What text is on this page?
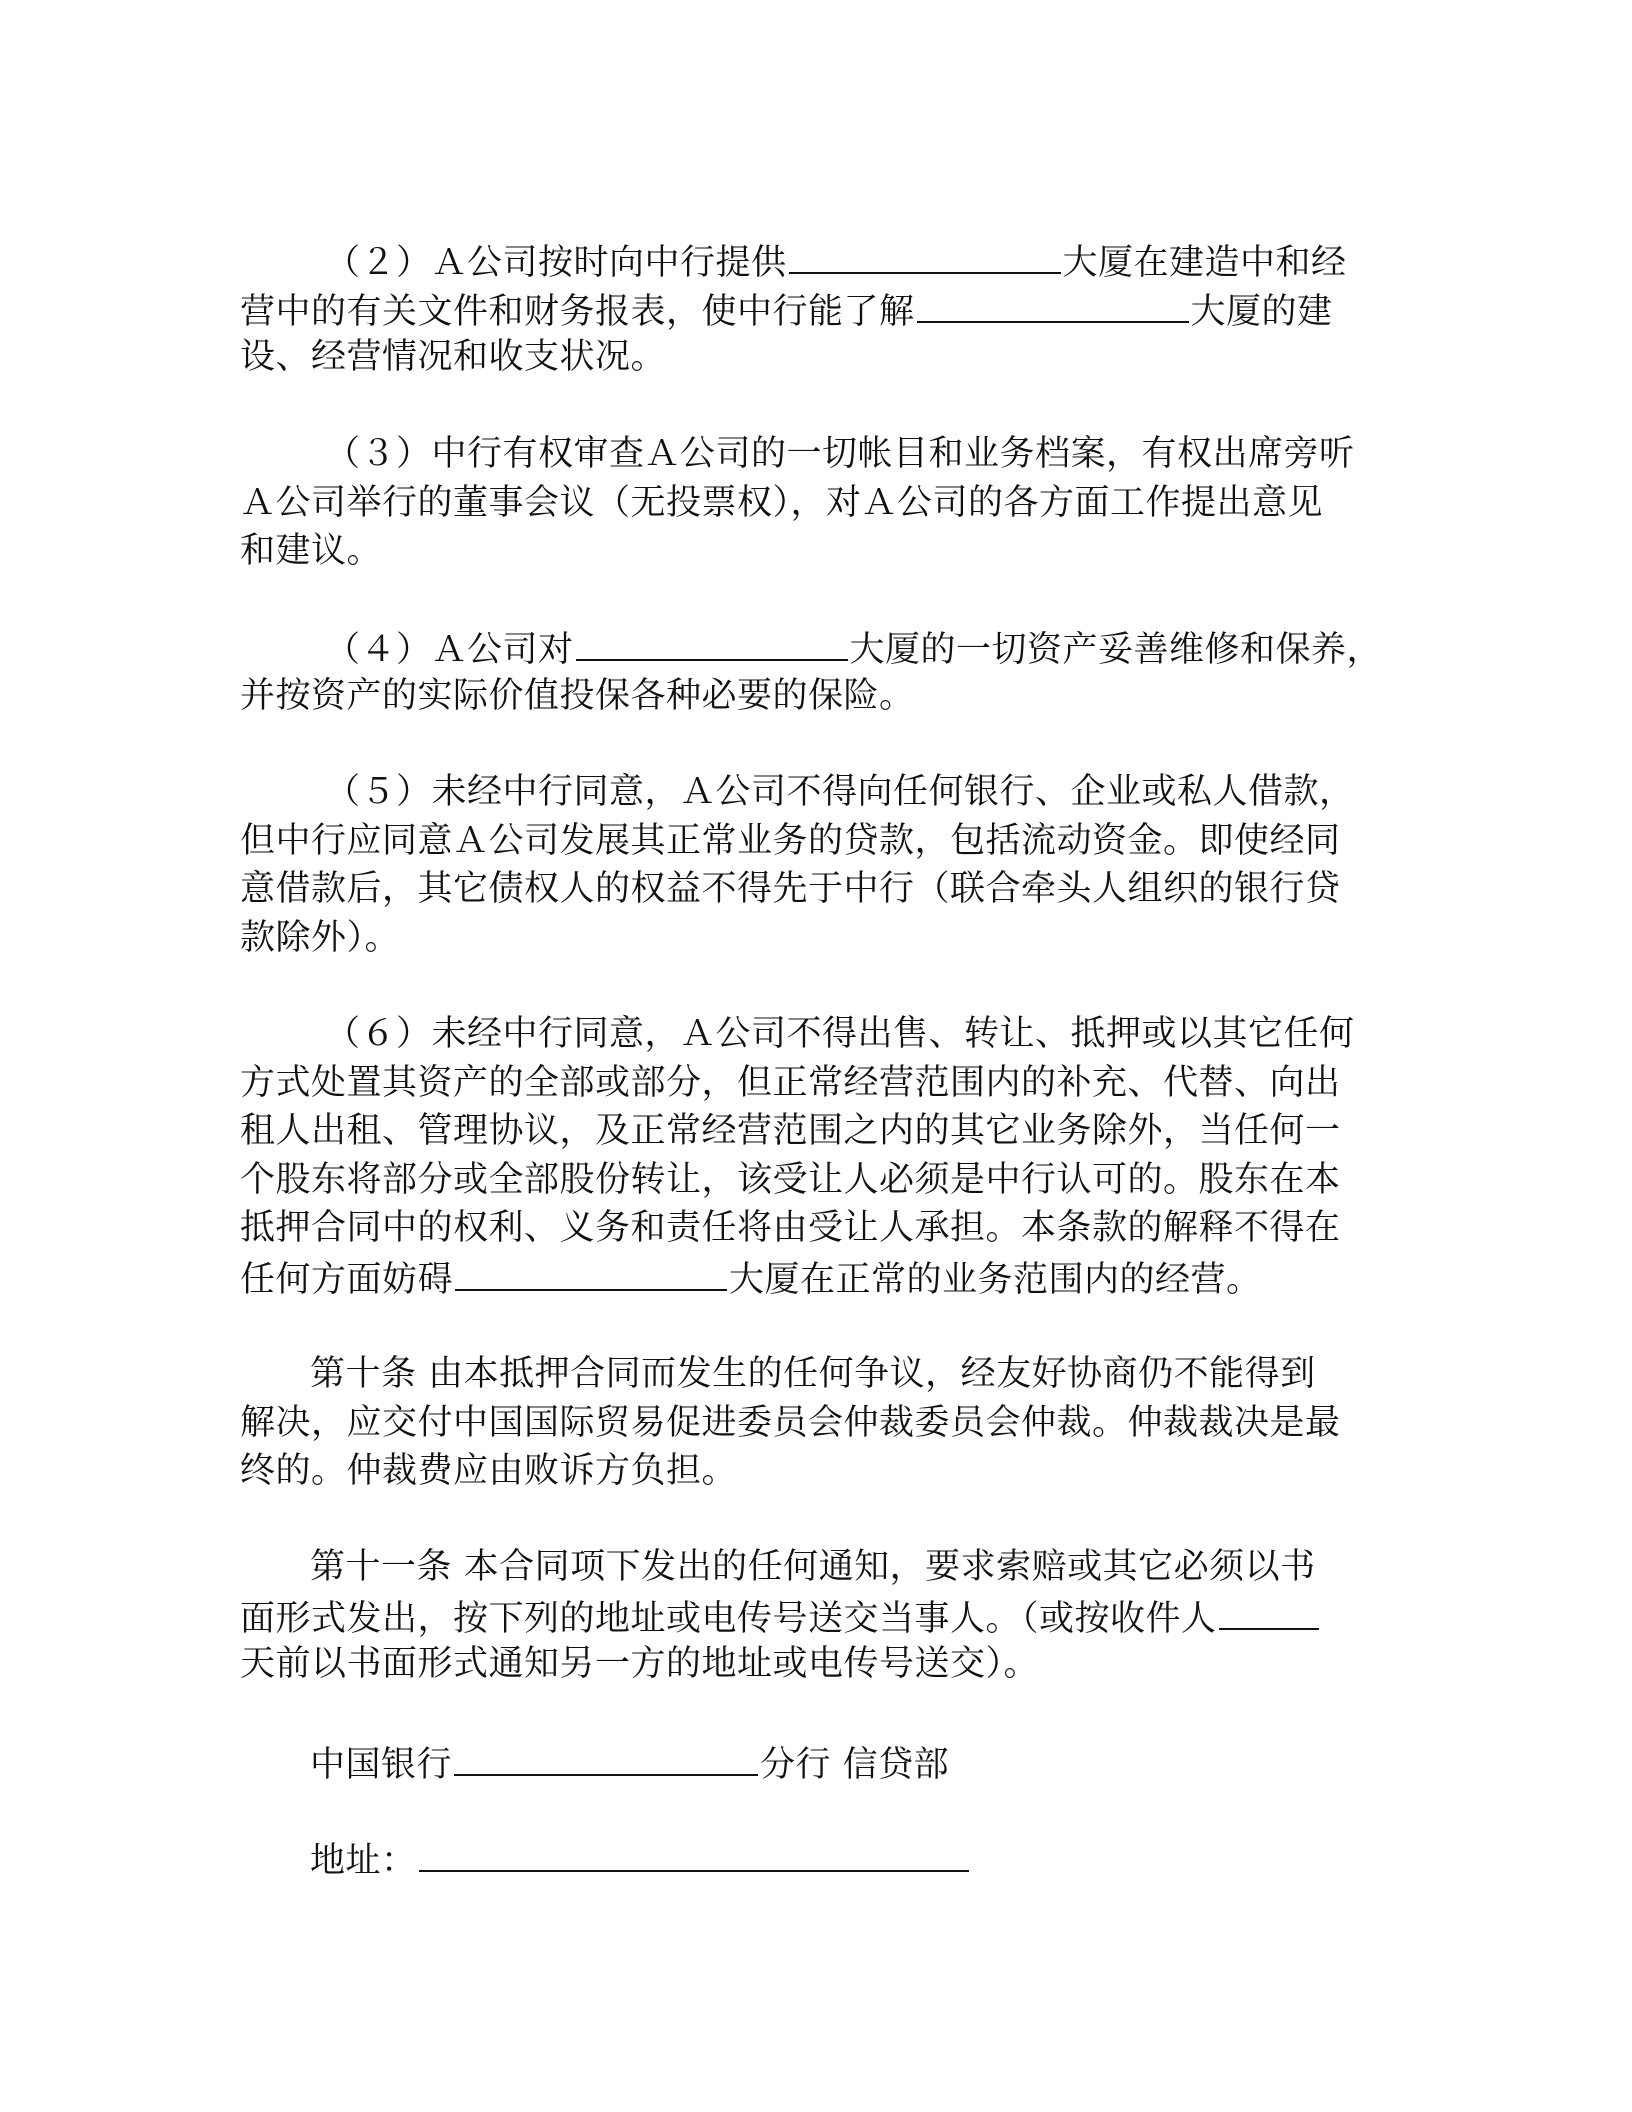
（２）Ａ公司按时向中行提供	大厦在建造中和经
营中的有关文件和财务报表，使中行能了解	大厦的建
设、经营情况和收支状况。
（３）中行有权审查Ａ公司的一切帐目和业务档案，有权出席旁听
Ａ公司举行的董事会议（无投票权），对Ａ公司的各方面工作提出意见
和建议。
（４）Ａ公司对	大厦的一切资产妥善维修和保养，
并按资产的实际价值投保各种必要的保险。
（５）未经中行同意，Ａ公司不得向任何银行、企业或私人借款，
但中行应同意Ａ公司发展其正常业务的贷款，包括流动资金。即使经同
意借款后，其它债权人的权益不得先于中行（联合牵头人组织的银行贷
款除外）。
（６）未经中行同意，Ａ公司不得出售、转让、抵押或以其它任何
方式处置其资产的全部或部分，但正常经营范围内的补充、代替、向出
租人出租、管理协议，及正常经营范围之内的其它业务除外，当任何一
个股东将部分或全部股份转让，该受让人必须是中行认可的。股东在本
抵押合同中的权利、义务和责任将由受让人承担。本条款的解释不得在
任何方面妨碍	大厦在正常的业务范围内的经营。
第十条 由本抵押合同而发生的任何争议，经友好协商仍不能得到
解决，应交付中国国际贸易促进委员会仲裁委员会仲裁。仲裁裁决是最
终的。仲裁费应由败诉方负担。
第十一条 本合同项下发出的任何通知，要求索赔或其它必须以书
面形式发出，按下列的地址或电传号送交当事人。（或按收件人
天前以书面形式通知另一方的地址或电传号送交）。
中国银行	分行 信贷部
地址：
